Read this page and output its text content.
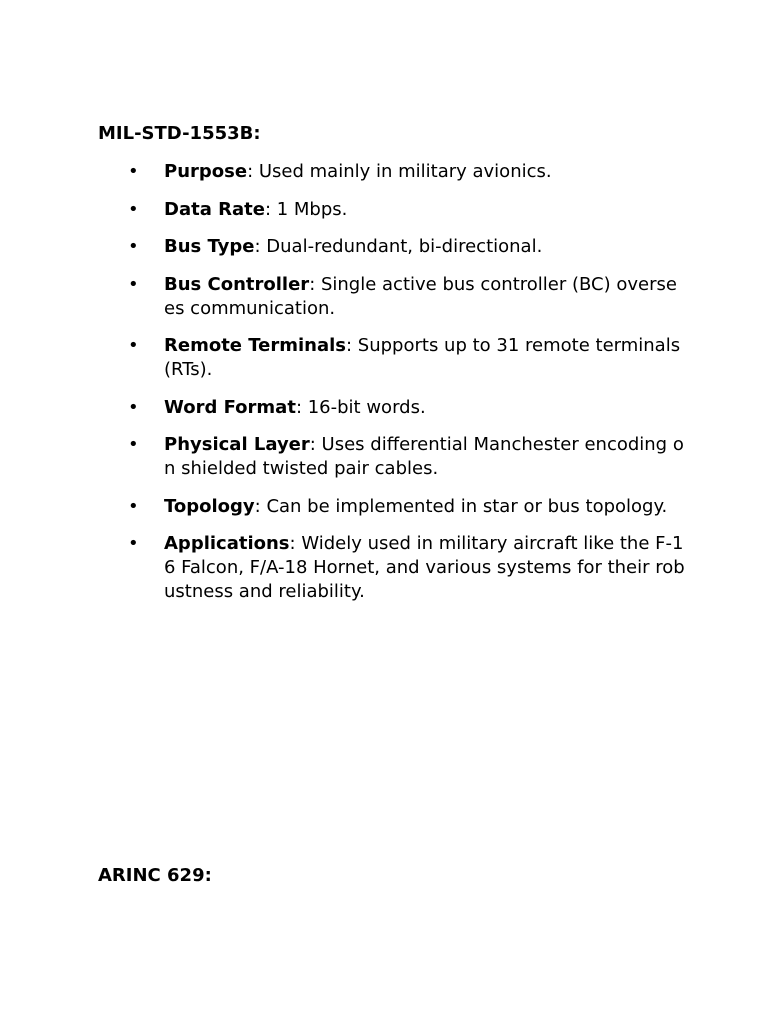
MIL-STD-1553B:

• Purpose: Used mainly in military avionics.
• Data Rate: 1 Mbps.
• Bus Type: Dual-redundant, bi-directional.
• Bus Controller: Single active bus controller (BC) oversees communication.
• Remote Terminals: Supports up to 31 remote terminals (RTs).
• Word Format: 16-bit words.
• Physical Layer: Uses differential Manchester encoding on shielded twisted pair cables.
• Topology: Can be implemented in star or bus topology.
• Applications: Widely used in military aircraft like the F-16 Falcon, F/A-18 Hornet, and various systems for their robustness and reliability.

ARINC 629:
